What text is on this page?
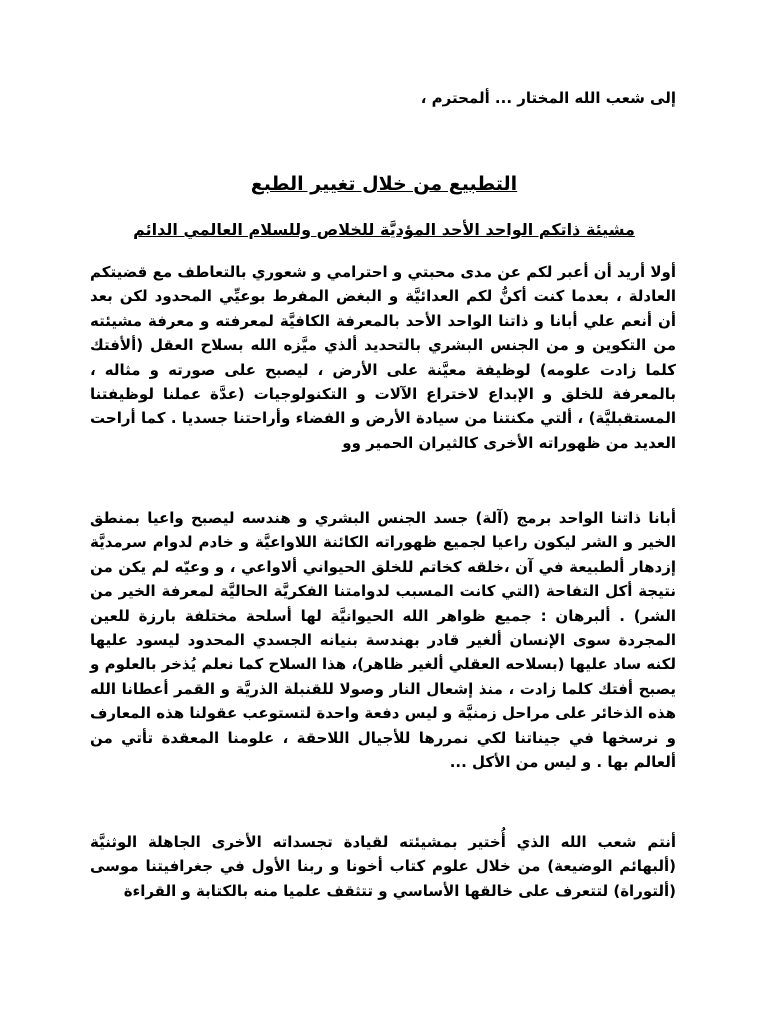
إلى شعب الله المختار ... ألمحترم ،

التطبيع من خلال تغيير الطبع
مشيئة ذاتكم الواحد الأحد المؤديَّة للخلاص وللسلام العالمي الدائم

أولا أريد أن أعبر لكم عن مدى محبتي و احترامي و شعوري بالتعاطف مع قضيتكم العادلة ، بعدما كنت أكنُّ لكم العدائيَّة و البغض المفرط بوعيِّي المحدود لكن بعد أن أنعم علي أبانا و ذاتنا الواحد الأحد بالمعرفة الكافيَّة لمعرفته و معرفة مشيئته من التكوين و من الجنس البشري بالتحديد ألذي ميَّزه الله بسلاح العقل (ألأفتك كلما زادت علومه) لوظيفة معيَّنة على الأرض ، ليصبح على صورته و مثاله ، بالمعرفة للخلق و الإبداع لاختراع الآلات و التكنولوجيات (عدَّة عملنا لوظيفتنا المستقبليَّة) ، ألتي مكنتنا من سيادة الأرض و الفضاء وأراحتنا جسديا . كما أراحت العديد من ظهوراته الأخرى كالثيران الحمير وو

أبانا ذاتنا الواحد برمج (آلة) جسد الجنس البشري و هندسه ليصبح واعيا بمنطق الخير و الشر ليكون راعيا لجميع ظهوراته الكائنة اللاواعيَّة و خادم لدوام سرمديَّة إزدهار ألطبيعة في آن ،خلقه كخاتم للخلق الحيواني ألاواعي ، و وعيّه لم يكن من نتيجة أكل التفاحة (التي كانت المسبب لدوامتنا الفكريَّة الحاليَّة لمعرفة الخير من الشر) . ألبرهان : جميع ظواهر الله الحيوانيَّة لها أسلحة مختلفة بارزة للعين المجردة سوى الإنسان ألغير قادر بهندسة بنيانه الجسدي المحدود ليسود عليها لكنه ساد عليها (بسلاحه العقلي ألغير ظاهر)، هذا السلاح كما نعلم يُذخر بالعلوم و يصبح أفتك كلما زادت ، منذ إشعال النار وصولا للقنبلة الذريَّة و القمر أعطانا الله هذه الذخائر على مراحل زمنيَّة و ليس دفعة واحدة لتستوعب عقولنا هذه المعارف و نرسخها في جيناتنا لكي نمررها للأجيال اللاحقة ، علومنا المعقدة تأتي من ألعالم بها . و ليس من الأكل ...

أنتم شعب الله الذي أُختير بمشيئته لقيادة تجسداته الأخرى الجاهلة الوثنيَّة (ألبهائم الوضيعة) من خلال علوم كتاب أخونا و ربنا الأول في جغرافيتنا موسى (ألتوراة) لتتعرف على خالقها الأساسي و تتثقف علميا منه بالكتابة و القراءة
